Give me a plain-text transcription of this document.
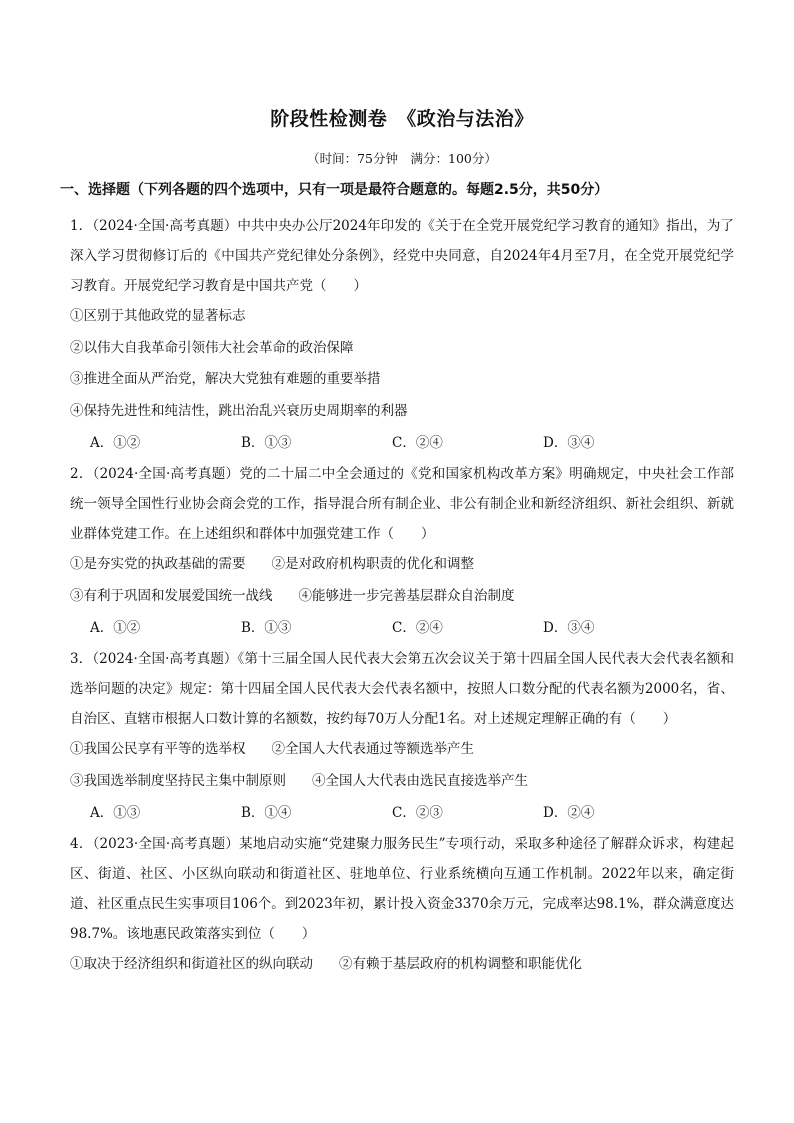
阶段性检测卷　《政治与法治》
（时间：75分钟　满分：100分）
一、选择题（下列各题的四个选项中，只有一项是最符合题意的。每题2.5分，共50分）

1．（2024·全国·高考真题）中共中央办公厅2024年印发的《关于在全党开展党纪学习教育的通知》指出，为了深入学习贯彻修订后的《中国共产党纪律处分条例》，经党中央同意，自2024年4月至7月，在全党开展党纪学习教育。开展党纪学习教育是中国共产党（　　）

①区别于其他政党的显著标志
②以伟大自我革命引领伟大社会革命的政治保障
③推进全面从严治党，解决大党独有难题的重要举措
④保持先进性和纯洁性，跳出治乱兴衰历史周期率的利器
A．①②	B．①③	C．②④	D．③④

2．（2024·全国·高考真题）党的二十届二中全会通过的《党和国家机构改革方案》明确规定，中央社会工作部统一领导全国性行业协会商会党的工作，指导混合所有制企业、非公有制企业和新经济组织、新社会组织、新就业群体党建工作。在上述组织和群体中加强党建工作（　　）

①是夯实党的执政基础的需要 ②是对政府机构职责的优化和调整
③有利于巩固和发展爱国统一战线 ④能够进一步完善基层群众自治制度
A．①②	B．①③	C．②④	D．③④

3．（2024·全国·高考真题）《第十三届全国人民代表大会第五次会议关于第十四届全国人民代表大会代表名额和选举问题的决定》规定：第十四届全国人民代表大会代表名额中，按照人口数分配的代表名额为2000名，省、自治区、直辖市根据人口数计算的名额数，按约每70万人分配1名。对上述规定理解正确的有（　　）

①我国公民享有平等的选举权 ②全国人大代表通过等额选举产生
③我国选举制度坚持民主集中制原则 ④全国人大代表由选民直接选举产生
A．①③	B．①④	C．②③	D．②④

4．（2023·全国·高考真题）某地启动实施“党建聚力服务民生”专项行动，采取多种途径了解群众诉求，构建起区、街道、社区、小区纵向联动和街道社区、驻地单位、行业系统横向互通工作机制。2022年以来，确定街道、社区重点民生实事项目106个。到2023年初，累计投入资金3370余万元，完成率达98.1%，群众满意度达98.7%。该地惠民政策落实到位（　　）

①取决于经济组织和街道社区的纵向联动 ②有赖于基层政府的机构调整和职能优化
